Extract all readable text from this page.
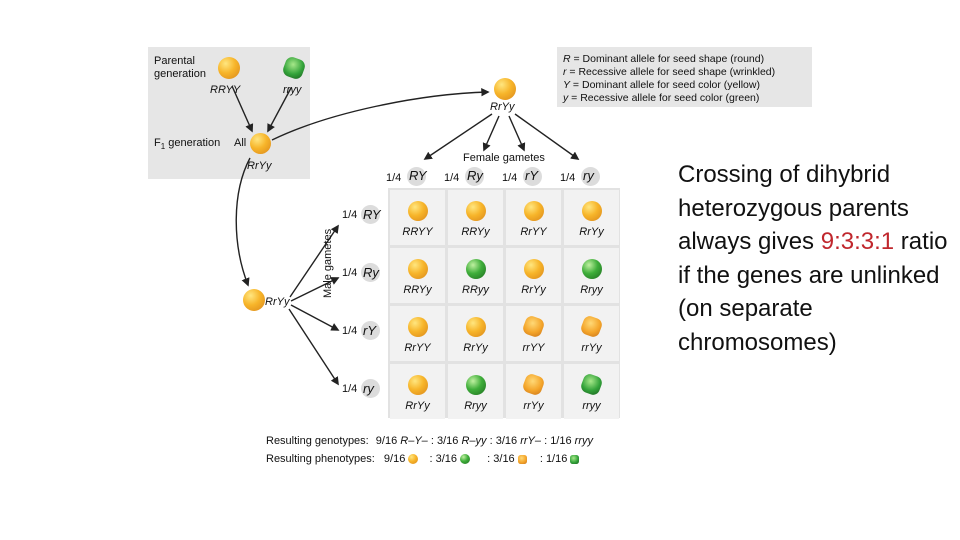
Parental
generation
RRYY	rryy
$F_1$ generation All
RrYy
RrYy
RrYy
R = Dominant allele for seed shape (round)
r = Recessive allele for seed shape (wrinkled)
Y = Dominant allele for seed color (yellow)
y = Recessive allele for seed color (green)
Female gametes
1/4 RY 1/4 Ry 1/4 rY 1/4 ry
Male gametes
1/4 RY
1/4 Ry
1/4 rY
1/4 ry
RRYY	RRYy	RrYY	RrYy
RRYy	RRyy	RrYy	Rryy
RrYY	RrYy	rrYY	rrYy
RrYy	Rryy	rrYy	rryy
Resulting genotypes: 9/16 R–Y– : 3/16 R–yy : 3/16 rrY– : 1/16 rryy
Resulting phenotypes: 9/16 : 3/16	: 3/16 : 1/16
Crossing of dihybrid heterozygous parents always gives 9:3:3:1 ratio if the genes are unlinked (on separate chromosomes)
